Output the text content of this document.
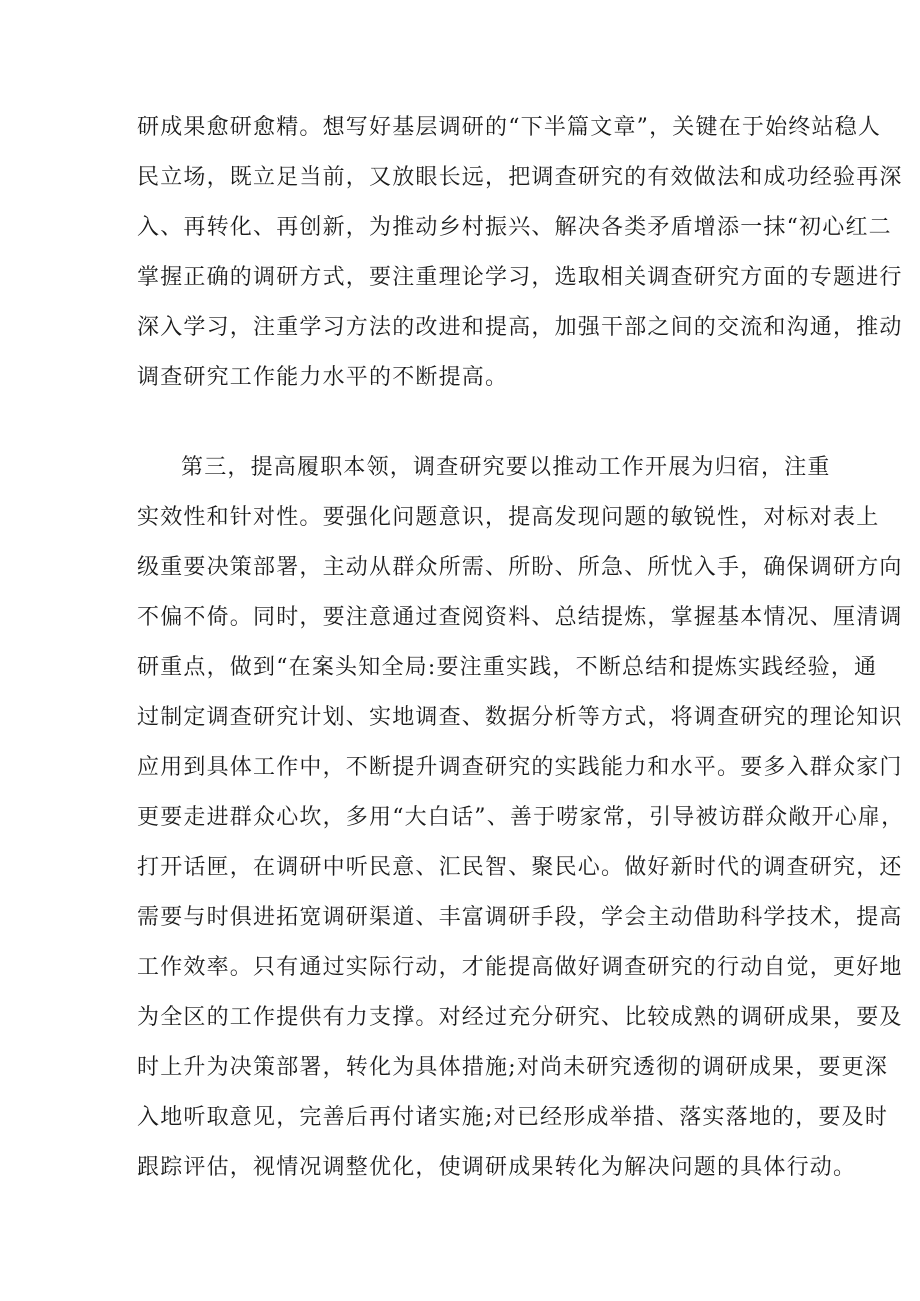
研成果愈研愈精。想写好基层调研的“下半篇文章”，关键在于始终站稳人
民立场，既立足当前，又放眼长远，把调查研究的有效做法和成功经验再深
入、再转化、再创新，为推动乡村振兴、解决各类矛盾增添一抹“初心红二
掌握正确的调研方式，要注重理论学习，选取相关调查研究方面的专题进行
深入学习，注重学习方法的改进和提高，加强干部之间的交流和沟通，推动
调查研究工作能力水平的不断提高。
第三，提高履职本领，调查研究要以推动工作开展为归宿，注重
实效性和针对性。要强化问题意识，提高发现问题的敏锐性，对标对表上
级重要决策部署，主动从群众所需、所盼、所急、所忧入手，确保调研方向
不偏不倚。同时，要注意通过查阅资料、总结提炼，掌握基本情况、厘清调
研重点，做到“在案头知全局:要注重实践，不断总结和提炼实践经验，通
过制定调查研究计划、实地调查、数据分析等方式，将调查研究的理论知识
应用到具体工作中，不断提升调查研究的实践能力和水平。要多入群众家门
更要走进群众心坎，多用“大白话”、善于唠家常，引导被访群众敞开心扉，
打开话匣，在调研中听民意、汇民智、聚民心。做好新时代的调查研究，还
需要与时俱进拓宽调研渠道、丰富调研手段，学会主动借助科学技术，提高
工作效率。只有通过实际行动，才能提高做好调查研究的行动自觉，更好地
为全区的工作提供有力支撑。对经过充分研究、比较成熟的调研成果，要及
时上升为决策部署，转化为具体措施;对尚未研究透彻的调研成果，要更深
入地听取意见，完善后再付诸实施;对已经形成举措、落实落地的，要及时
跟踪评估，视情况调整优化，使调研成果转化为解决问题的具体行动。
